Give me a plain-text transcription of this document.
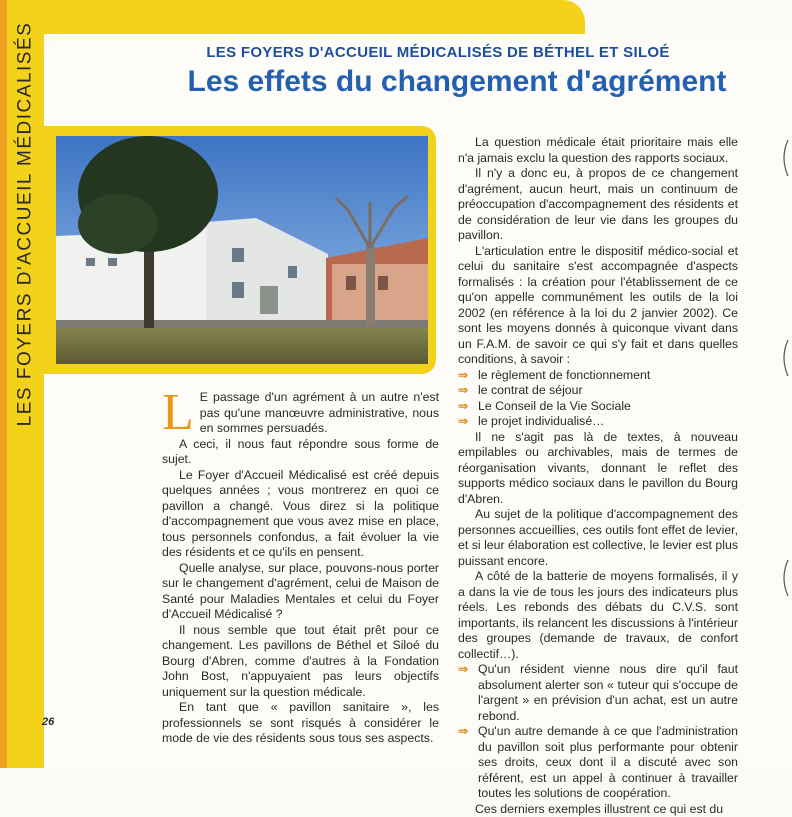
LES FOYERS D'ACCUEIL MÉDICALISÉS	LES FOYERS D'ACCUEIL MÉDICALISÉS DE BÉTHEL ET SILOÉ
Les effets du changement d'agrément

L E passage d'un agrément à un autre n'est pas qu'une manœuvre administrative, nous en sommes persuadés.

A ceci, il nous faut répondre sous forme de sujet.

Le Foyer d'Accueil Médicalisé est créé depuis quelques années ; vous montrerez en quoi ce pavillon a changé. Vous direz si la politique d'accompagnement que vous avez mise en place, tous personnels confondus, a fait évoluer la vie des résidents et ce qu'ils en pensent.

Quelle analyse, sur place, pouvons-nous porter sur le changement d'agrément, celui de Maison de Santé pour Maladies Mentales et celui du Foyer d'Accueil Médicalisé ?

Il nous semble que tout était prêt pour ce changement. Les pavillons de Béthel et Siloé du Bourg d'Abren, comme d'autres à la Fondation John Bost, n'appuyaient pas leurs objectifs uniquement sur la question médicale.

En tant que « pavillon sanitaire », les professionnels se sont risqués à considérer le mode de vie des résidents sous tous ses aspects.

La question médicale était prioritaire mais elle n'a jamais exclu la question des rapports sociaux.

Il n'y a donc eu, à propos de ce changement d'agrément, aucun heurt, mais un continuum de préoccupation d'accompagnement des résidents et de considération de leur vie dans les groupes du pavillon.

L'articulation entre le dispositif médico-social et celui du sanitaire s'est accompagnée d'aspects formalisés : la création pour l'établissement de ce qu'on appelle communément les outils de la loi 2002 (en référence à la loi du 2 janvier 2002). Ce sont les moyens donnés à quiconque vivant dans un F.A.M. de savoir ce qui s'y fait et dans quelles conditions, à savoir :

⇒ le règlement de fonctionnement
⇒ le contrat de séjour
⇒ Le Conseil de la Vie Sociale
⇒ le projet individualisé…

Il ne s'agit pas là de textes, à nouveau empilables ou archivables, mais de termes de réorganisation vivants, donnant le reflet des supports médico sociaux dans le pavillon du Bourg d'Abren.

Au sujet de la politique d'accompagnement des personnes accueillies, ces outils font effet de levier, et si leur élaboration est collective, le levier est plus puissant encore.

A côté de la batterie de moyens formalisés, il y a dans la vie de tous les jours des indicateurs plus réels. Les rebonds des débats du C.V.S. sont importants, ils relancent les discussions à l'intérieur des groupes (demande de travaux, de confort collectif…).

⇒ Qu'un résident vienne nous dire qu'il faut absolument alerter son « tuteur qui s'occupe de l'argent » en prévision d'un achat, est un autre rebond.
⇒ Qu'un autre demande à ce que l'administration du pavillon soit plus performante pour obtenir ses droits, ceux dont il a discuté avec son référent, est un appel à continuer à travailler toutes les solutions de coopération.

Ces derniers exemples illustrent ce qui est du

26
